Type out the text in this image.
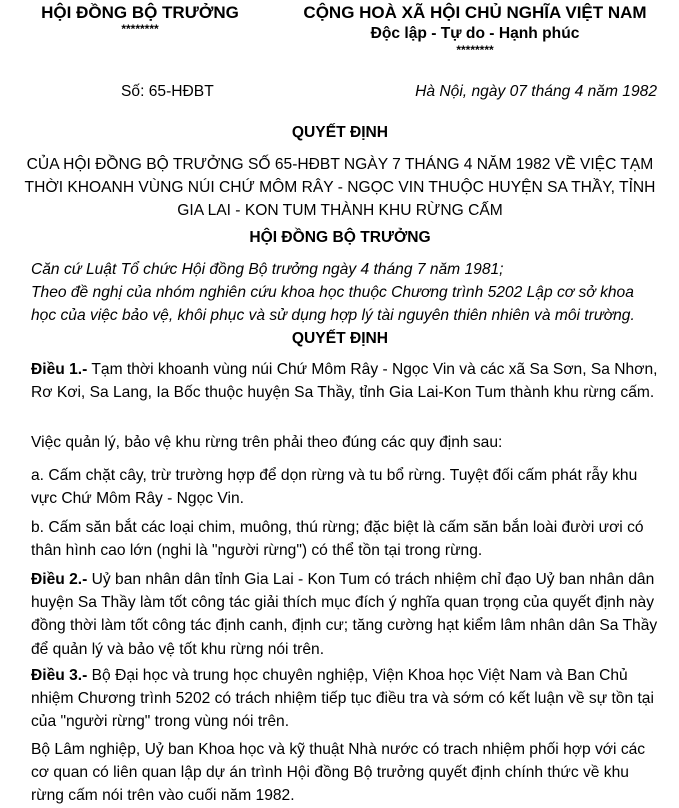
HỘI ĐỒNG BỘ TRƯỞNG
********
CỘNG HOÀ XÃ HỘI CHỦ NGHĨA VIỆT NAM
Độc lập - Tự do - Hạnh phúc
********
Số: 65-HĐBT	Hà Nội, ngày 07 tháng 4 năm 1982
QUYẾT ĐỊNH
CỦA HỘI ĐỒNG BỘ TRƯỞNG SỐ 65-HĐBT NGÀY 7 THÁNG 4 NĂM 1982 VỀ VIỆC TẠM THỜI KHOANH VÙNG NÚI CHỨ MÔM RÂY - NGỌC VIN THUỘC HUYỆN SA THẦY, TỈNH GIA LAI - KON TUM THÀNH KHU RỪNG CẤM
HỘI ĐỒNG BỘ TRƯỞNG
Căn cứ Luật Tổ chức Hội đồng Bộ trưởng ngày 4 tháng 7 năm 1981;
Theo đề nghị của nhóm nghiên cứu khoa học thuộc Chương trình 5202 Lập cơ sở khoa học của việc bảo vệ, khôi phục và sử dụng hợp lý tài nguyên thiên nhiên và môi trường.
QUYẾT ĐỊNH
Điều 1.- Tạm thời khoanh vùng núi Chứ Môm Rây - Ngọc Vin và các xã Sa Sơn, Sa Nhơn, Rơ Kơi, Sa Lang, Ia Bốc thuộc huyện Sa Thầy, tỉnh Gia Lai-Kon Tum thành khu rừng cấm.
Việc quản lý, bảo vệ khu rừng trên phải theo đúng các quy định sau:
a. Cấm chặt cây, trừ trường hợp để dọn rừng và tu bổ rừng. Tuyệt đối cấm phát rẫy khu vực Chứ Môm Rây - Ngọc Vin.
b. Cấm săn bắt các loại chim, muông, thú rừng; đặc biệt là cấm săn bắn loài đười ươi có thân hình cao lớn (nghi là "người rừng") có thể tồn tại trong rừng.
Điều 2.- Uỷ ban nhân dân tỉnh Gia Lai - Kon Tum có trách nhiệm chỉ đạo Uỷ ban nhân dân huyện Sa Thầy làm tốt công tác giải thích mục đích ý nghĩa quan trọng của quyết định này đồng thời làm tốt công tác định canh, định cư; tăng cường hạt kiểm lâm nhân dân Sa Thầy để quản lý và bảo vệ tốt khu rừng nói trên.
Điều 3.- Bộ Đại học và trung học chuyên nghiệp, Viện Khoa học Việt Nam và Ban Chủ nhiệm Chương trình 5202 có trách nhiệm tiếp tục điều tra và sớm có kết luận về sự tồn tại của "người rừng" trong vùng nói trên.
Bộ Lâm nghiệp, Uỷ ban Khoa học và kỹ thuật Nhà nước có trach nhiệm phối hợp với các cơ quan có liên quan lập dự án trình Hội đồng Bộ trưởng quyết định chính thức về khu rừng cấm nói trên vào cuối năm 1982.
